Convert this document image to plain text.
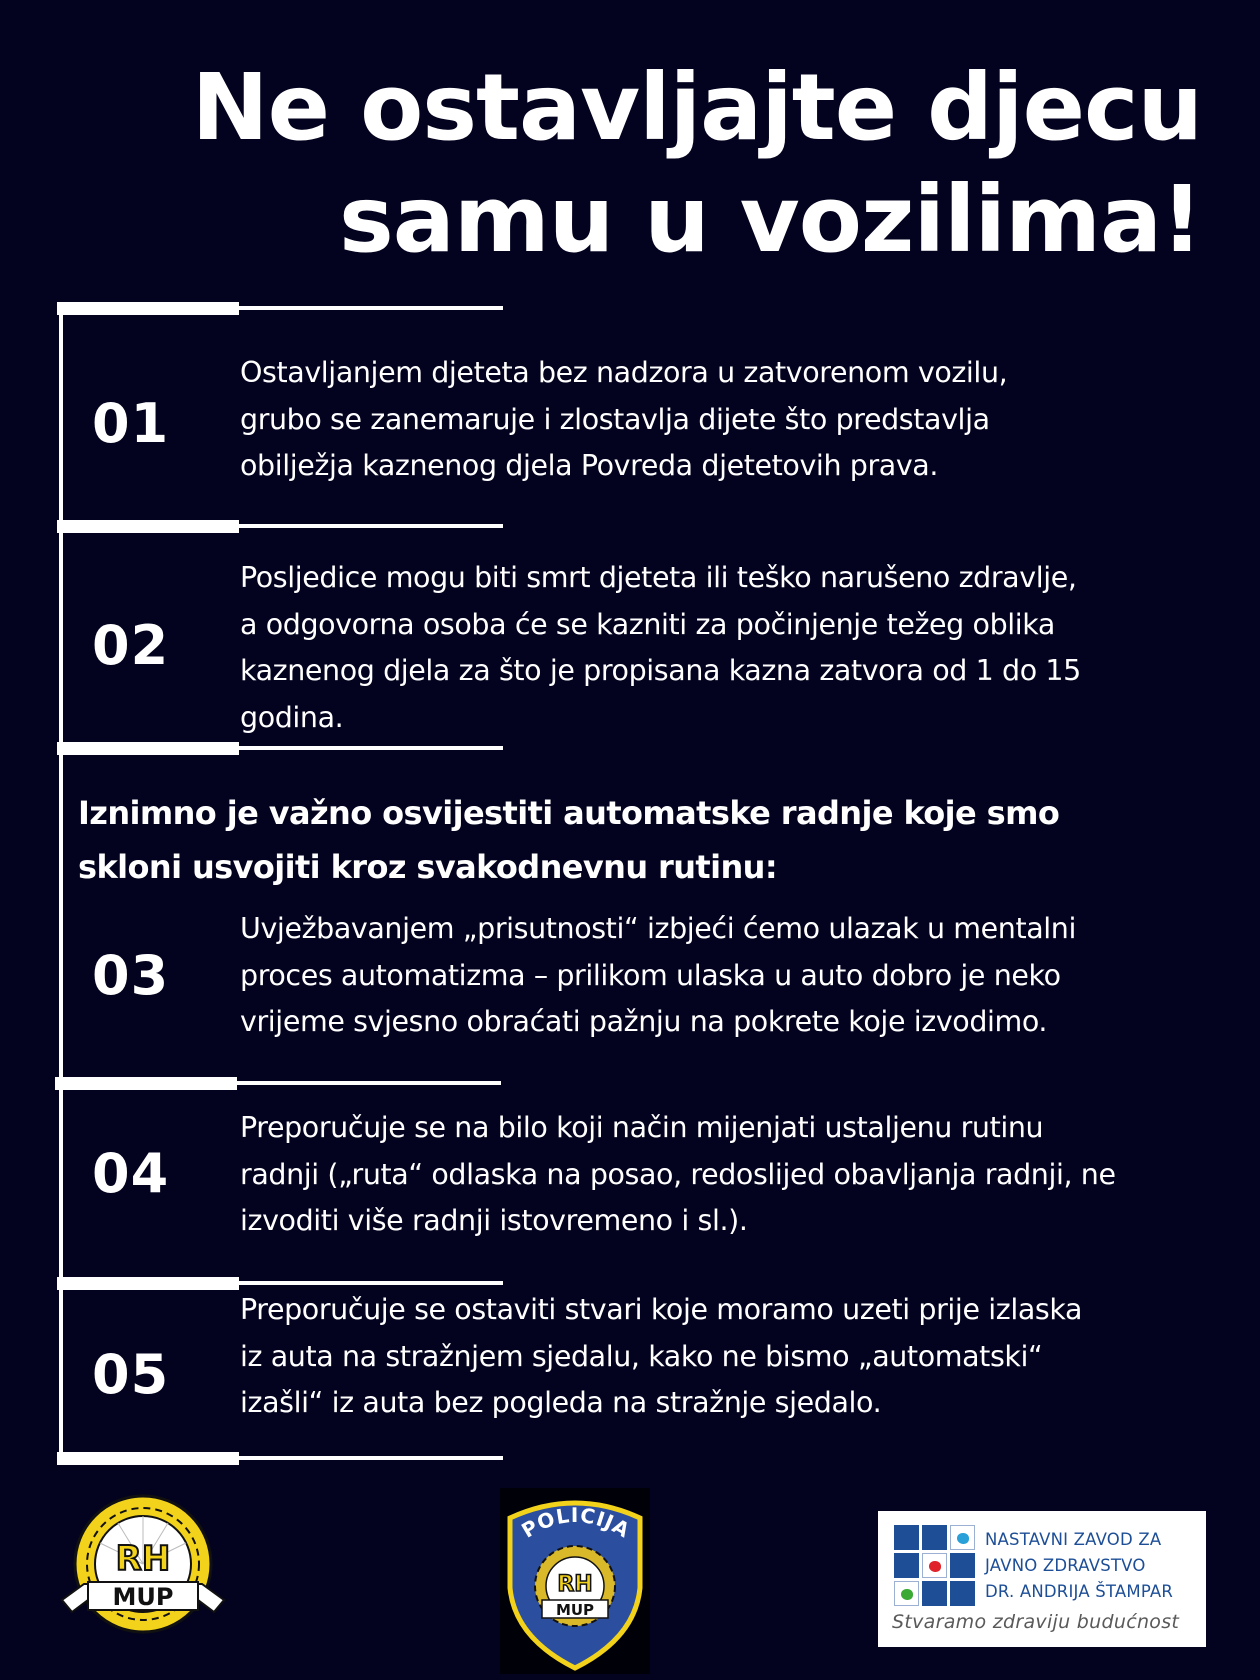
Ne ostavljajte djecu
samu u vozilima!
01

Ostavljanjem djeteta bez nadzora u zatvorenom vozilu,
grubo se zanemaruje i zlostavlja dijete što predstavlja
obilježja kaznenog djela Povreda djetetovih prava.

02

Posljedice mogu biti smrt djeteta ili teško narušeno zdravlje,
a odgovorna osoba će se kazniti za počinjenje težeg oblika
kaznenog djela za što je propisana kazna zatvora od 1 do 15
godina.

Iznimno je važno osvijestiti automatske radnje koje smo
skloni usvojiti kroz svakodnevnu rutinu:

03

Uvježbavanjem „prisutnosti“ izbjeći ćemo ulazak u mentalni
proces automatizma – prilikom ulaska u auto dobro je neko
vrijeme svjesno obraćati pažnju na pokrete koje izvodimo.

04

Preporučuje se na bilo koji način mijenjati ustaljenu rutinu
radnji („ruta“ odlaska na posao, redoslijed obavljanja radnji, ne
izvoditi više radnji istovremeno i sl.).

05

Preporučuje se ostaviti stvari koje moramo uzeti prije izlaska
iz auta na stražnjem sjedalu, kako ne bismo „automatski“
izašli“ iz auta bez pogleda na stražnje sjedalo.

RH
MUP
POLICIJA
RH
MUP
NASTAVNI ZAVOD ZA
JAVNO ZDRAVSTVO
DR. ANDRIJA ŠTAMPAR
Stvaramo zdraviju budućnost
